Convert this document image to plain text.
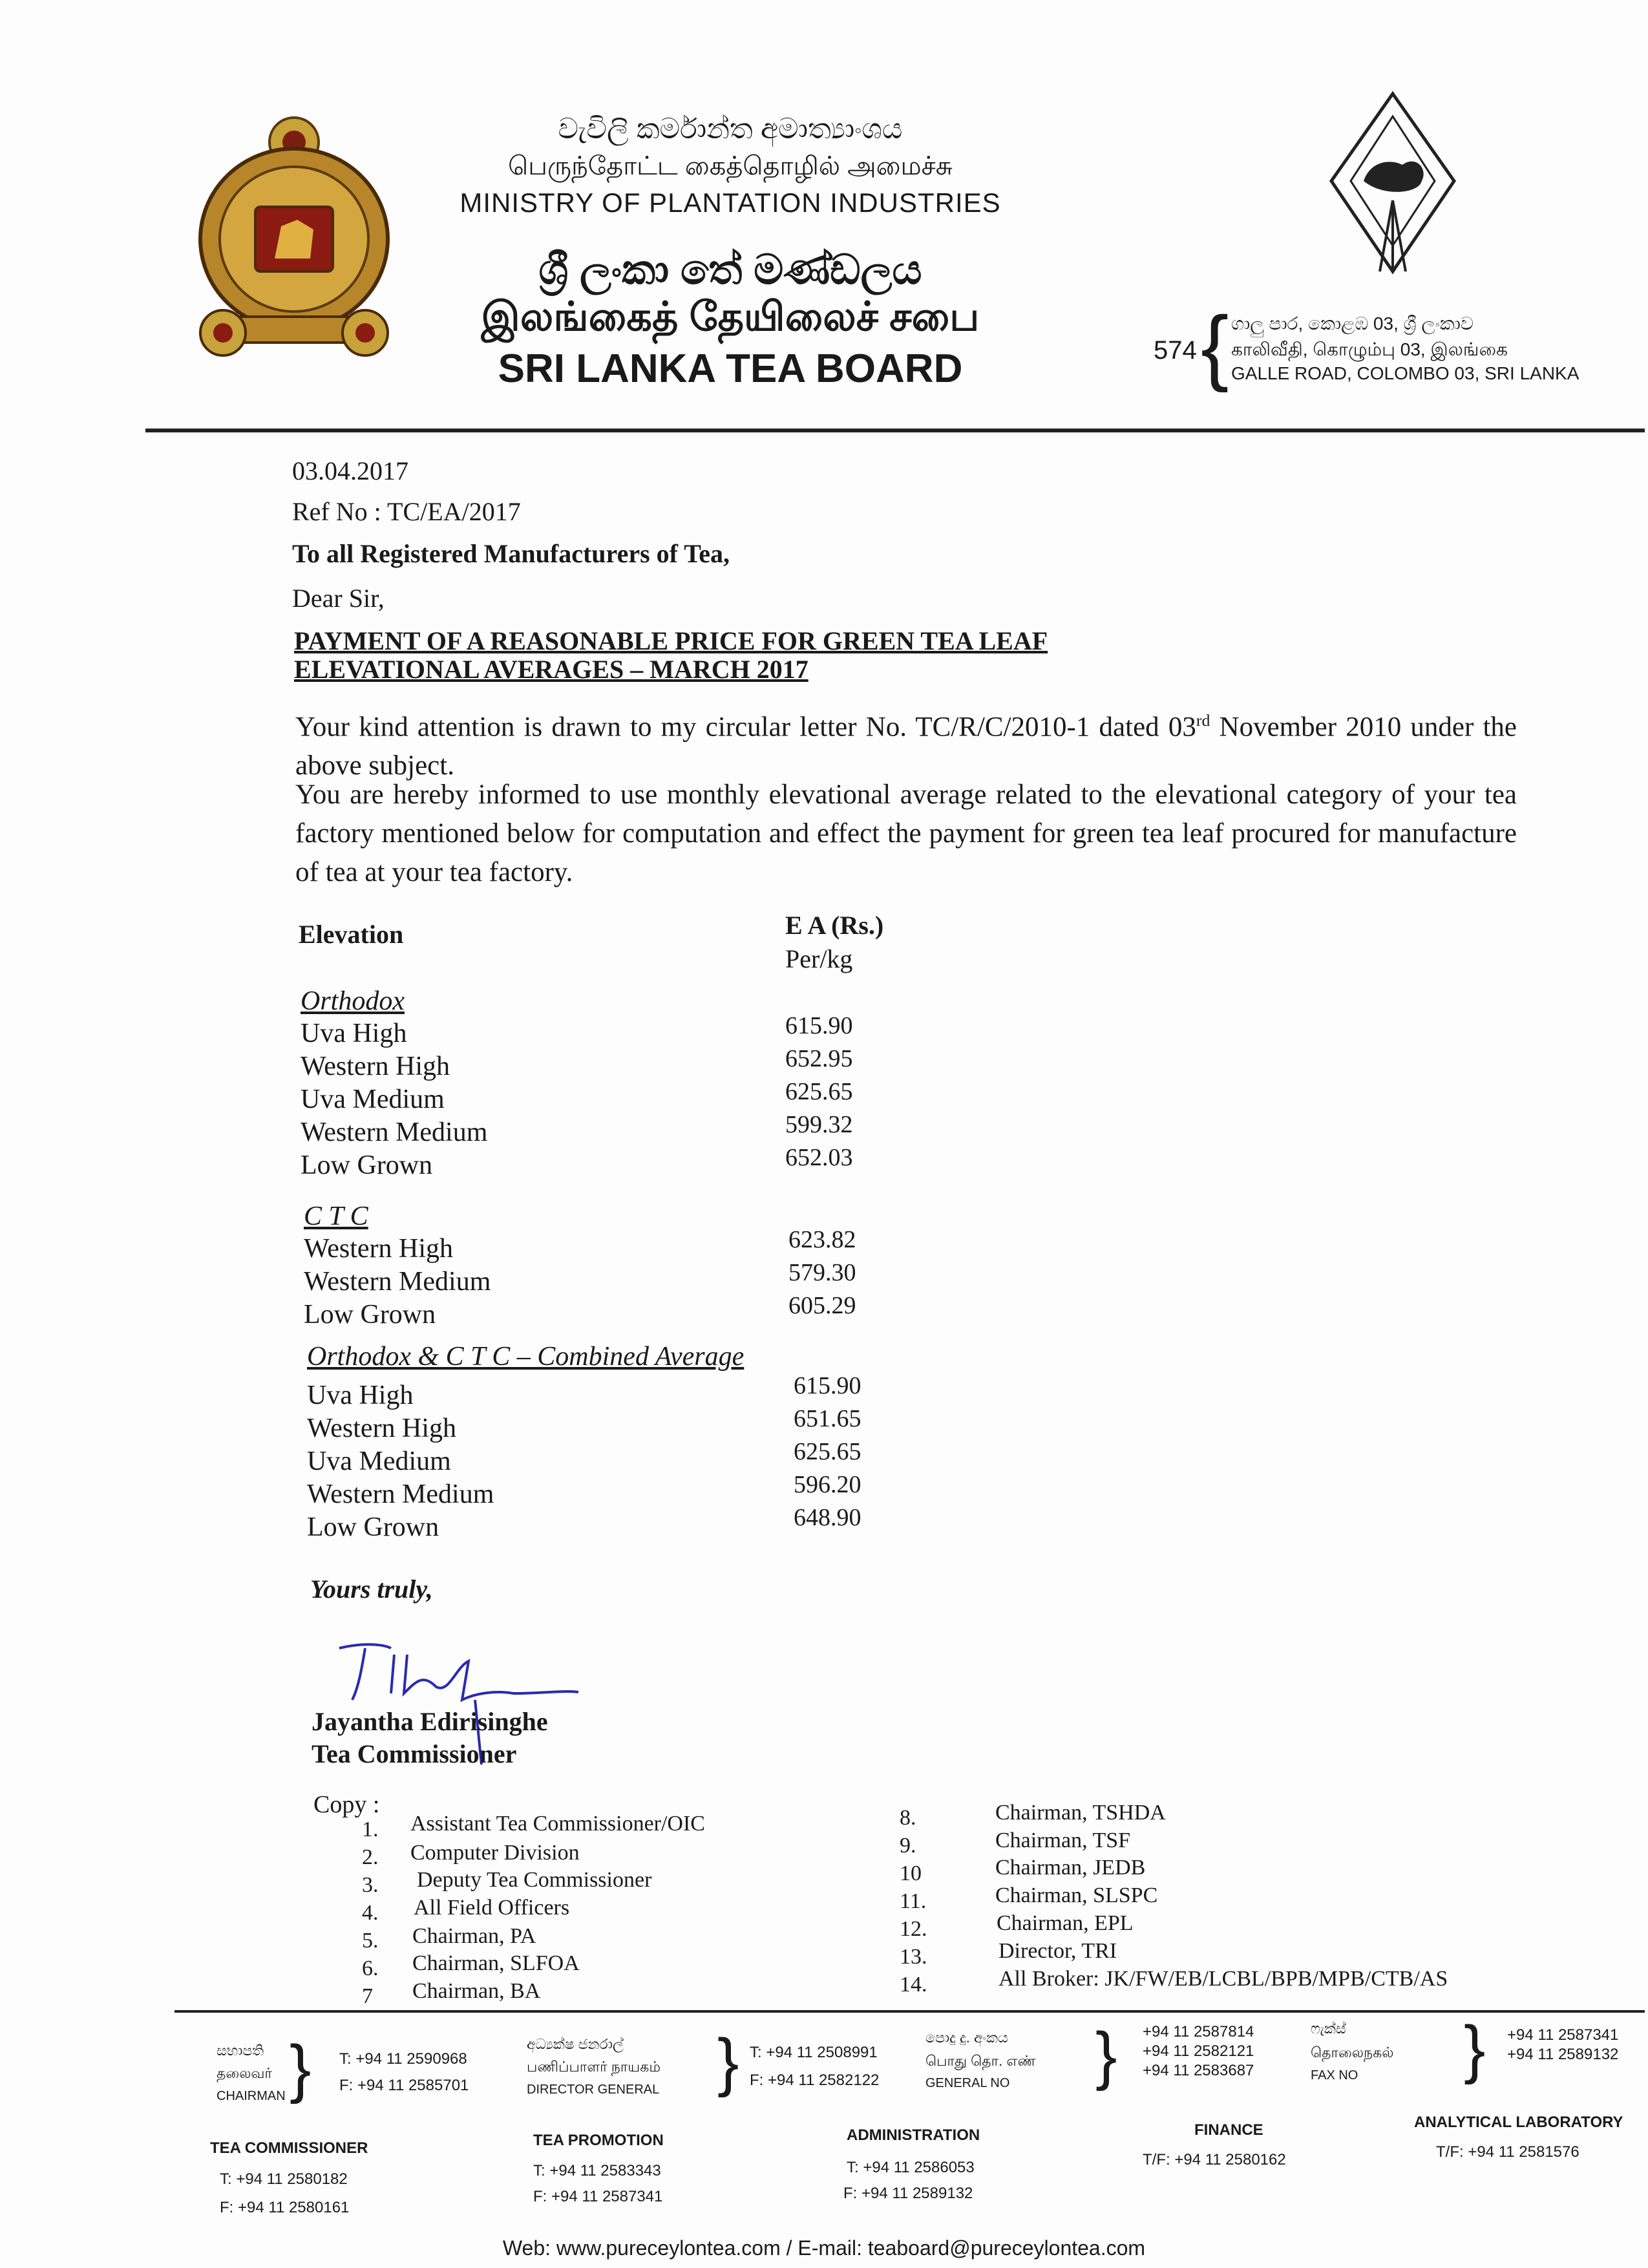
වැවිලි කර්මාන්ත අමාත්‍යාංශය
பெருந்தோட்ட கைத்தொழில் அமைச்சு
MINISTRY OF PLANTATION INDUSTRIES
ශ්‍රී ලංකා තේ මණ්ඩලය
இலங்கைத் தேயிலைச் சபை
SRI LANKA TEA BOARD	574 { ගාලු පාර, කොළඹ 03, ශ්‍රී ලංකාව
காலிவீதி, கொழும்பு 03, இலங்கை
GALLE ROAD, COLOMBO 03, SRI LANKA
03.04.2017
Ref No : TC/EA/2017
To all Registered Manufacturers of Tea,
Dear Sir,
PAYMENT OF A REASONABLE PRICE FOR GREEN TEA LEAF
ELEVATIONAL AVERAGES – MARCH 2017
Your kind attention is drawn to my circular letter No. TC/R/C/2010-1 dated 03rd November 2010 under the above subject.
You are hereby informed to use monthly elevational average related to the elevational category of your tea factory mentioned below for computation and effect the payment for green tea leaf procured for manufacture of tea at your tea factory.
Elevation	E A (Rs.)
Per/kg
Orthodox
Uva High	615.90
Western High	652.95
Uva Medium	625.65
Western Medium	599.32
Low Grown	652.03
C T C
Western High	623.82
Western Medium	579.30
Low Grown	605.29
Orthodox & C T C – Combined Average
Uva High	615.90
Western High	651.65
Uva Medium	625.65
Western Medium	596.20
Low Grown	648.90
Yours truly,
Jayantha Edirisinghe
Tea Commissioner
Copy :
1. Assistant Tea Commissioner/OIC
2. Computer Division
3. Deputy Tea Commissioner
4. All Field Officers
5. Chairman, PA
6. Chairman, SLFOA
7 Chairman, BA
8.	Chairman, TSHDA
9.	Chairman, TSF
10	Chairman, JEDB
11.	Chairman, SLSPC
12.	Chairman, EPL
13.	Director, TRI
14.	All Broker: JK/FW/EB/LCBL/BPB/MPB/CTB/AS
සභාපති
தலைவர்
CHAIRMAN } T: +94 11 2590968
F: +94 11 2585701
අධ්‍යක්ෂ ජනරාල්
பணிப்பாளர் நாயகம்
DIRECTOR GENERAL } T: +94 11 2508991
F: +94 11 2582122
පොදු දු. අංකය
பொது தொ. எண்
GENERAL NO } +94 11 2587814
+94 11 2582121
+94 11 2583687
ෆැක්ස්
தொலைநகல்
FAX NO } +94 11 2587341
+94 11 2589132
TEA COMMISSIONER
T: +94 11 2580182
F: +94 11 2580161
TEA PROMOTION
T: +94 11 2583343
F: +94 11 2587341
ADMINISTRATION
T: +94 11 2586053
F: +94 11 2589132
FINANCE
T/F: +94 11 2580162
ANALYTICAL LABORATORY
T/F: +94 11 2581576
Web: www.pureceylontea.com / E-mail: teaboard@pureceylontea.com
